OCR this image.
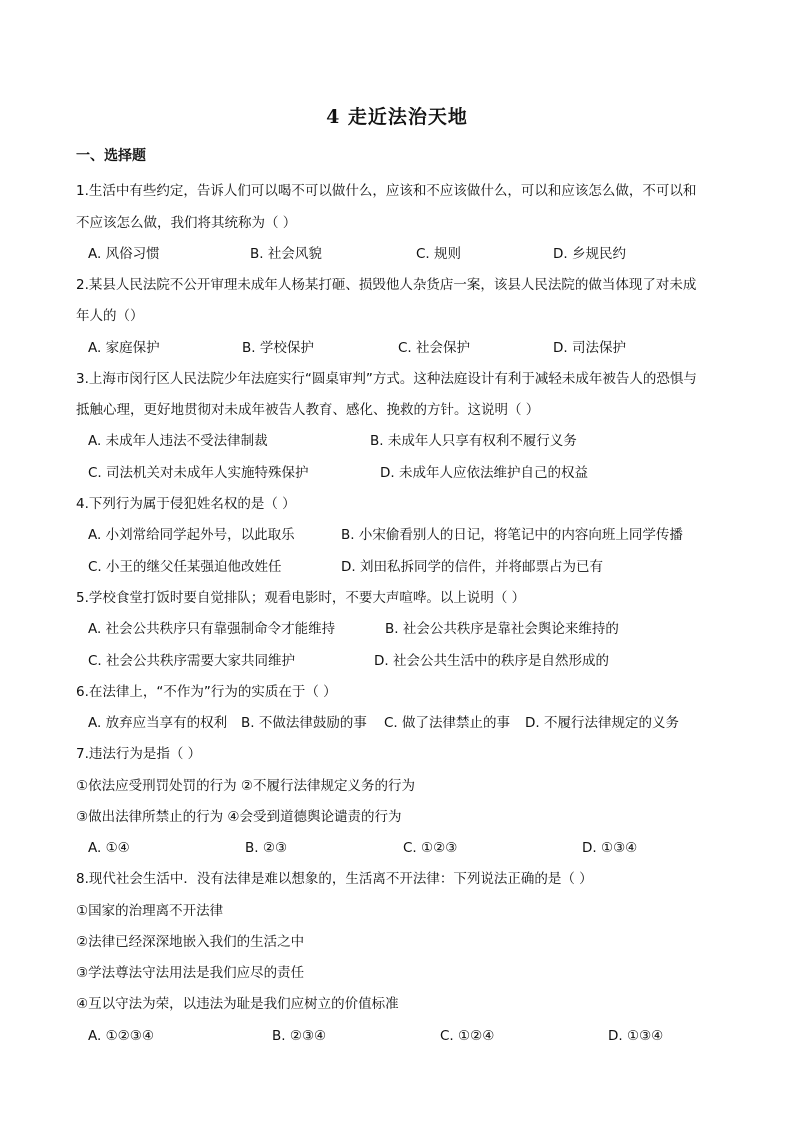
4 走近法治天地
一、选择题
1.生活中有些约定，告诉人们可以喝不可以做什么，应该和不应该做什么，可以和应该怎么做，不可以和
不应该怎么做，我们将其统称为（ ）
A. 风俗习惯	B. 社会风貌	C. 规则	D. 乡规民约
2.某县人民法院不公开审理未成年人杨某打砸、损毁他人杂货店一案，该县人民法院的做当体现了对未成
年人的（）
A. 家庭保护	B. 学校保护	C. 社会保护	D. 司法保护
3.上海市闵行区人民法院少年法庭实行“圆桌审判”方式。这种法庭设计有利于减轻未成年被告人的恐惧与
抵触心理，更好地贯彻对未成年被告人教育、感化、挽救的方针。这说明（ ）
A. 未成年人违法不受法律制裁	B. 未成年人只享有权利不履行义务
C. 司法机关对未成年人实施特殊保护	D. 未成年人应依法维护自己的权益
4.下列行为属于侵犯姓名权的是（ ）
A. 小刘常给同学起外号，以此取乐	B. 小宋偷看别人的日记，将笔记中的内容向班上同学传播
C. 小王的继父任某强迫他改姓任	D. 刘田私拆同学的信件，并将邮票占为已有
5.学校食堂打饭时要自觉排队；观看电影时，不要大声喧哗。以上说明（ ）
A. 社会公共秩序只有靠强制命令才能维持	B. 社会公共秩序是靠社会舆论来维持的
C. 社会公共秩序需要大家共同维护	D. 社会公共生活中的秩序是自然形成的
6.在法律上，“不作为”行为的实质在于（ ）
A. 放弃应当享有的权利 B. 不做法律鼓励的事 C. 做了法律禁止的事 D. 不履行法律规定的义务
7.违法行为是指（ ）
①依法应受刑罚处罚的行为 ②不履行法律规定义务的行为
③做出法律所禁止的行为 ④会受到道德舆论谴责的行为
A. ①④	B. ②③	C. ①②③	D. ①③④
8.现代社会生活中．没有法律是难以想象的，生活离不开法律：下列说法正确的是（ ）
①国家的治理离不开法律
②法律已经深深地嵌入我们的生活之中
③学法尊法守法用法是我们应尽的责任
④互以守法为荣，以违法为耻是我们应树立的价值标准
A. ①②③④	B. ②③④	C. ①②④	D. ①③④
